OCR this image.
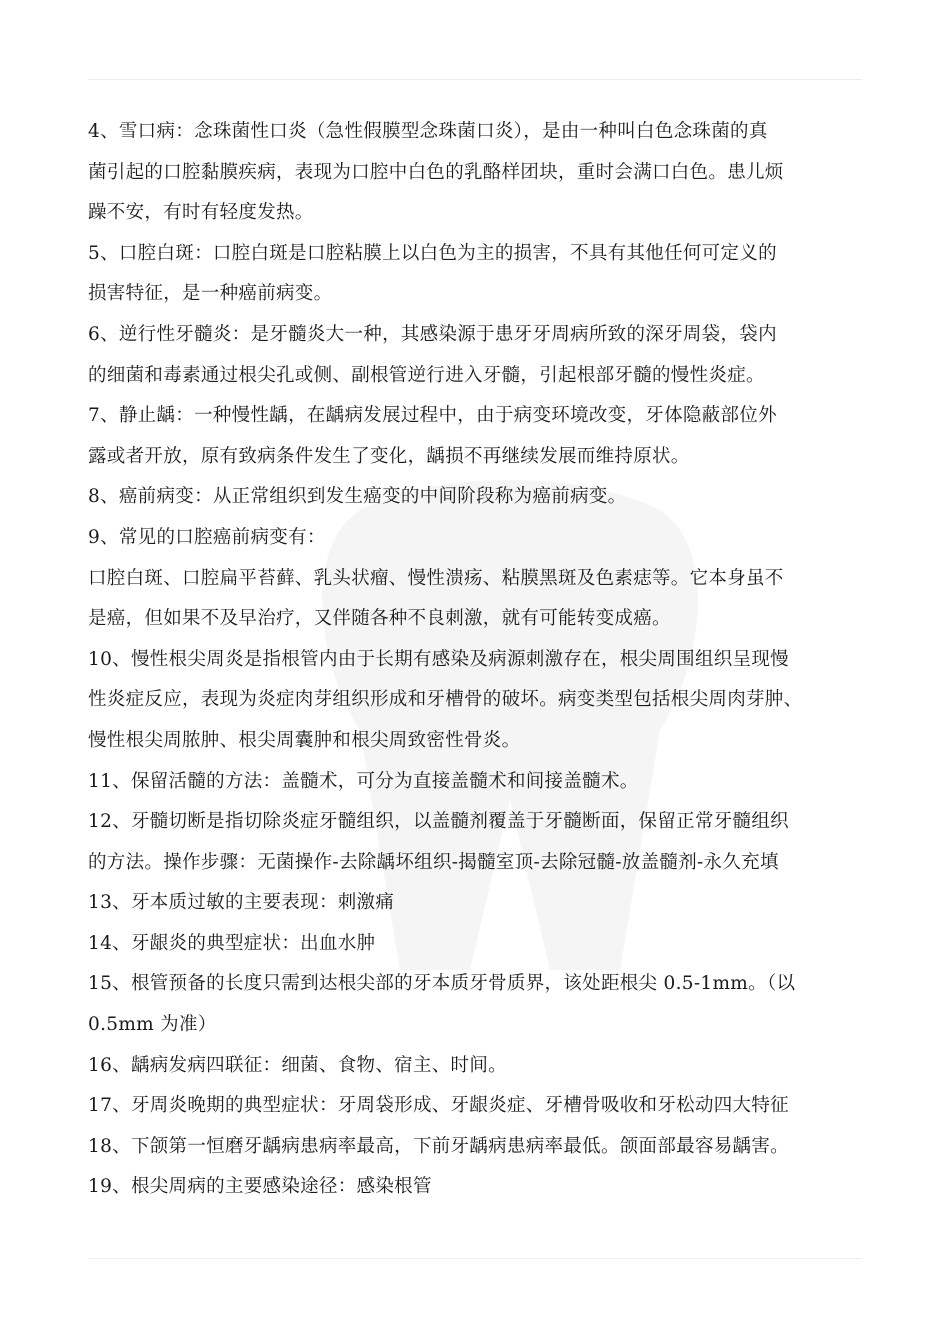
4、雪口病：念珠菌性口炎（急性假膜型念珠菌口炎），是由一种叫白色念珠菌的真
菌引起的口腔黏膜疾病，表现为口腔中白色的乳酪样团块，重时会满口白色。患儿烦
躁不安，有时有轻度发热。

5、口腔白斑：口腔白斑是口腔粘膜上以白色为主的损害，不具有其他任何可定义的
损害特征，是一种癌前病变。

6、逆行性牙髓炎：是牙髓炎大一种，其感染源于患牙牙周病所致的深牙周袋，袋内
的细菌和毒素通过根尖孔或侧、副根管逆行进入牙髓，引起根部牙髓的慢性炎症。

7、静止龋：一种慢性龋，在龋病发展过程中，由于病变环境改变，牙体隐蔽部位外
露或者开放，原有致病条件发生了变化，龋损不再继续发展而维持原状。

8、癌前病变：从正常组织到发生癌变的中间阶段称为癌前病变。

9、常见的口腔癌前病变有：

口腔白斑、口腔扁平苔藓、乳头状瘤、慢性溃疡、粘膜黑斑及色素痣等。它本身虽不
是癌，但如果不及早治疗，又伴随各种不良刺激，就有可能转变成癌。

10、慢性根尖周炎是指根管内由于长期有感染及病源刺激存在，根尖周围组织呈现慢
性炎症反应，表现为炎症肉芽组织形成和牙槽骨的破坏。病变类型包括根尖周肉芽肿、
慢性根尖周脓肿、根尖周囊肿和根尖周致密性骨炎。

11、保留活髓的方法：盖髓术，可分为直接盖髓术和间接盖髓术。

12、牙髓切断是指切除炎症牙髓组织，以盖髓剂覆盖于牙髓断面，保留正常牙髓组织
的方法。操作步骤：无菌操作-去除龋坏组织-揭髓室顶-去除冠髓-放盖髓剂-永久充填

13、牙本质过敏的主要表现：刺激痛

14、牙龈炎的典型症状：出血水肿

15、根管预备的长度只需到达根尖部的牙本质牙骨质界，该处距根尖 0.5-1mm。（以
0.5mm 为准）

16、龋病发病四联征：细菌、食物、宿主、时间。

17、牙周炎晚期的典型症状：牙周袋形成、牙龈炎症、牙槽骨吸收和牙松动四大特征

18、下颌第一恒磨牙龋病患病率最高，下前牙龋病患病率最低。颌面部最容易龋害。

19、根尖周病的主要感染途径：感染根管
